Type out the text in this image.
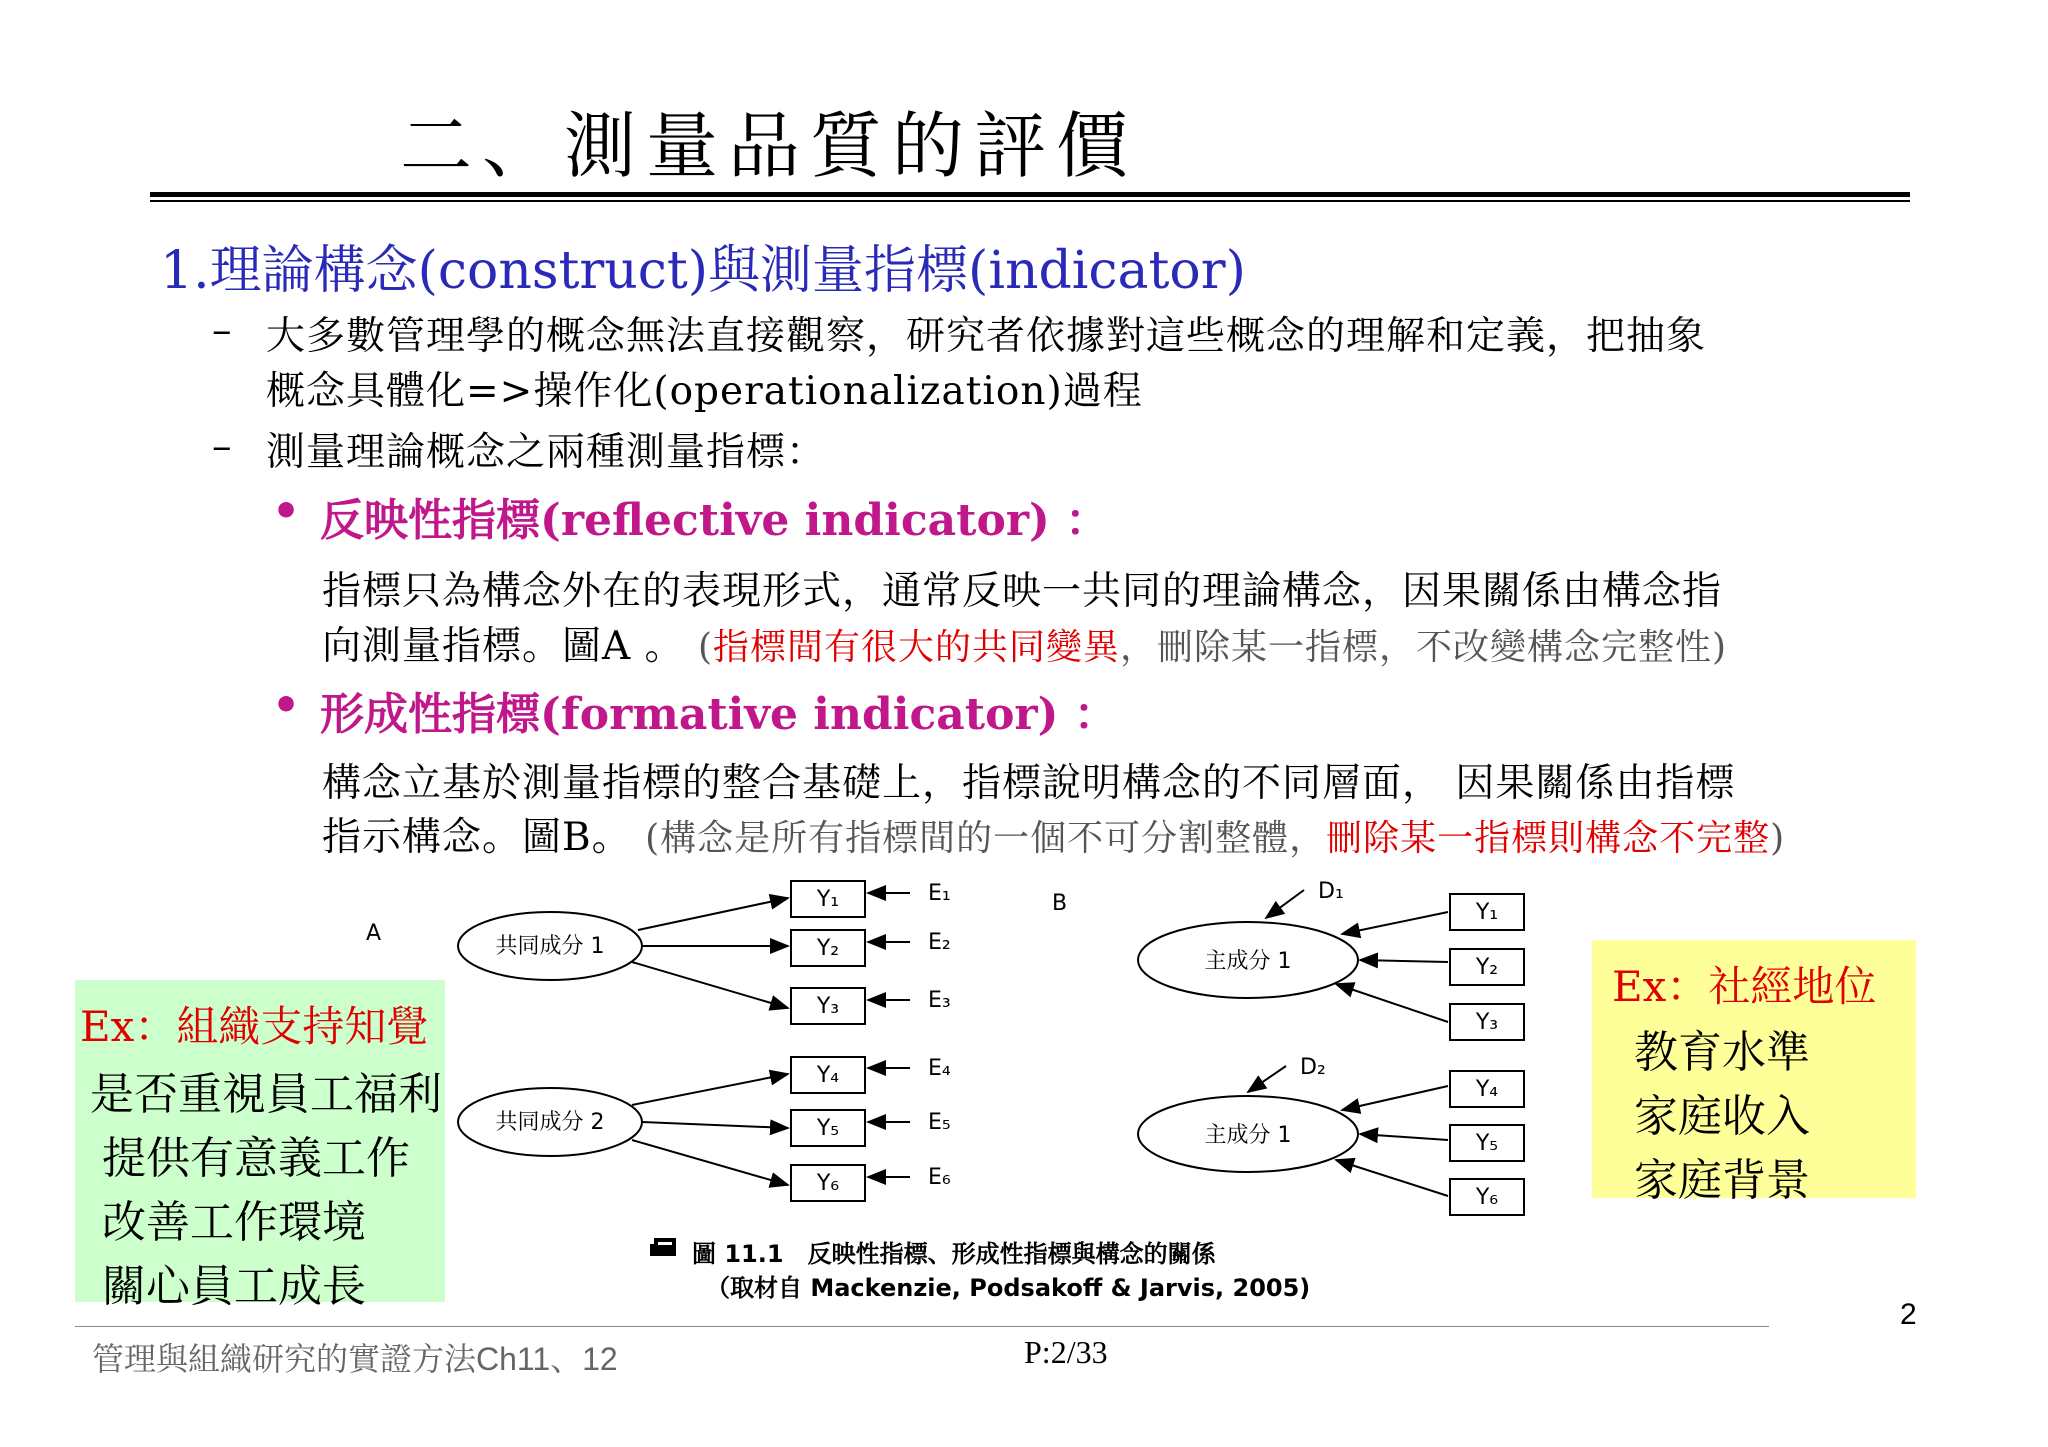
二、測量品質的評價
1.理論構念(construct)與測量指標(indicator)
– 大多數管理學的概念無法直接觀察，研究者依據對這些概念的理解和定義，把抽象
概念具體化=>操作化(operationalization)過程
– 測量理論概念之兩種測量指標：
• 反映性指標(reflective indicator) ：
指標只為構念外在的表現形式，通常反映一共同的理論構念，因果關係由構念指
向測量指標。圖A 。 (指標間有很大的共同變異，刪除某一指標，不改變構念完整性)
• 形成性指標(formative indicator) ：
構念立基於測量指標的整合基礎上，指標說明構念的不同層面， 因果關係由指標
指示構念。圖B。 (構念是所有指標間的一個不可分割整體，刪除某一指標則構念不完整)
Ex：組織支持知覺
是否重視員工福利
提供有意義工作
改善工作環境
關心員工成長
Ex：社經地位
教育水準
家庭收入
家庭背景
A
共同成分 1
共同成分 2
Y₁
Y₂
Y₃
Y₄
Y₅
Y₆
E₁
E₂
E₃
E₄
E₅
E₆
B
主成分 1
主成分 1
D₁
D₂
Y₁
Y₂
Y₃
Y₄
Y₅
Y₆
圖 11.1　反映性指標、形成性指標與構念的關係
（取材自 Mackenzie, Podsakoff & Jarvis, 2005)
2
管理與組織研究的實證方法Ch11、12	P:2/33
